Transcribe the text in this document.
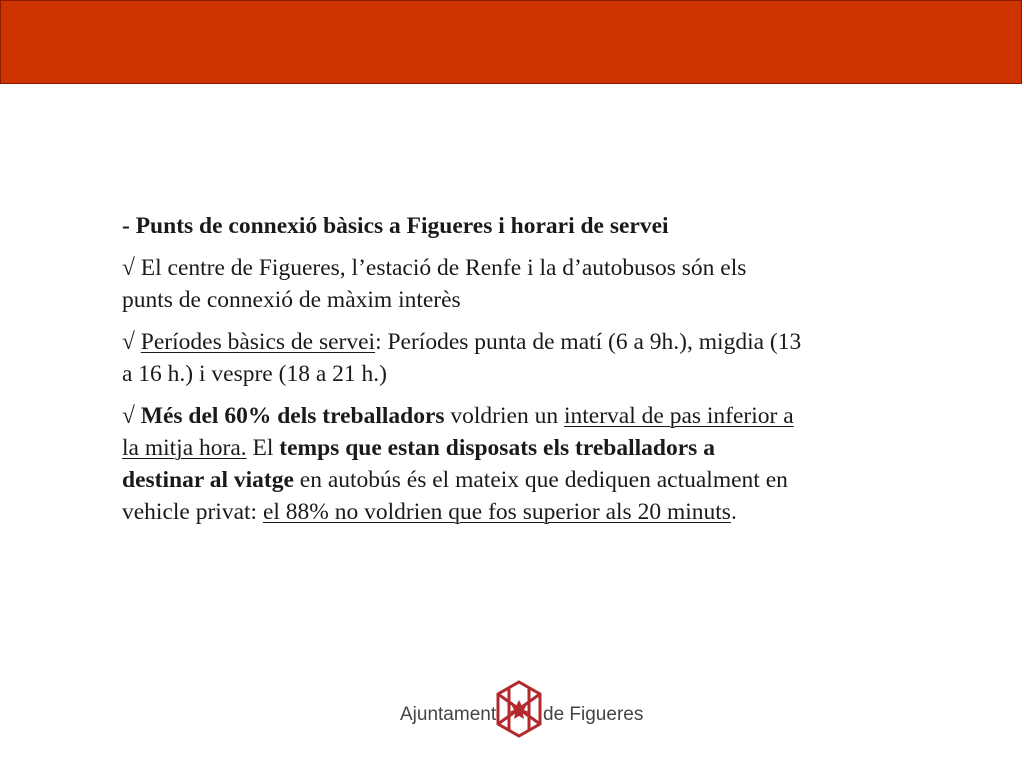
- Punts de connexió bàsics a Figueres i horari de servei

√ El centre de Figueres, l’estació de Renfe i la d’autobusos són els punts de connexió de màxim interès

√ Períodes bàsics de servei: Períodes punta de matí (6 a 9h.), migdia (13 a 16 h.) i vespre (18 a 21 h.)

√ Més del 60% dels treballadors voldrien un interval de pas inferior a la mitja hora. El temps que estan disposats els treballadors a destinar al viatge en autobús és el mateix que dediquen actualment en vehicle privat: el 88% no voldrien que fos superior als 20 minuts.

Ajuntament de Figueres
